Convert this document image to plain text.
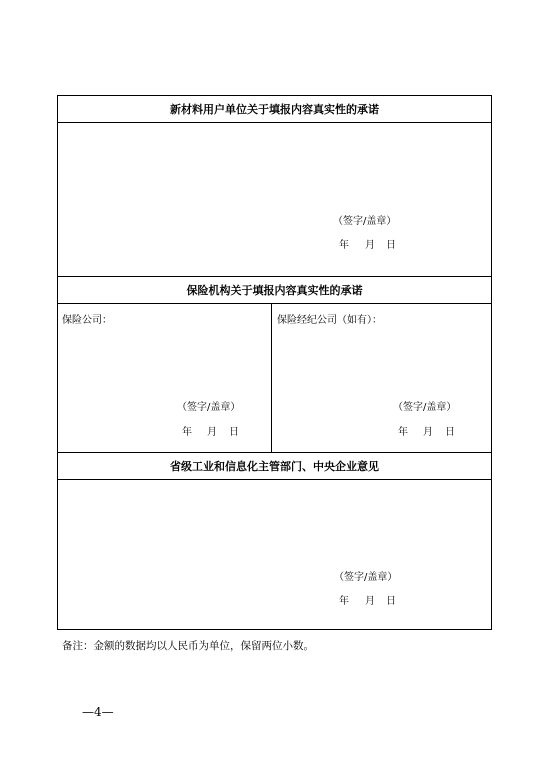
新材料用户单位关于填报内容真实性的承诺
（签字/盖章）
年 月 日
保险机构关于填报内容真实性的承诺
保险公司：
（签字/盖章）
年 月 日
保险经纪公司（如有）：
（签字/盖章）
年 月 日
省级工业和信息化主管部门、中央企业意见
（签字/盖章）
年 月 日
备注：金额的数据均以人民币为单位，保留两位小数。
—4—
